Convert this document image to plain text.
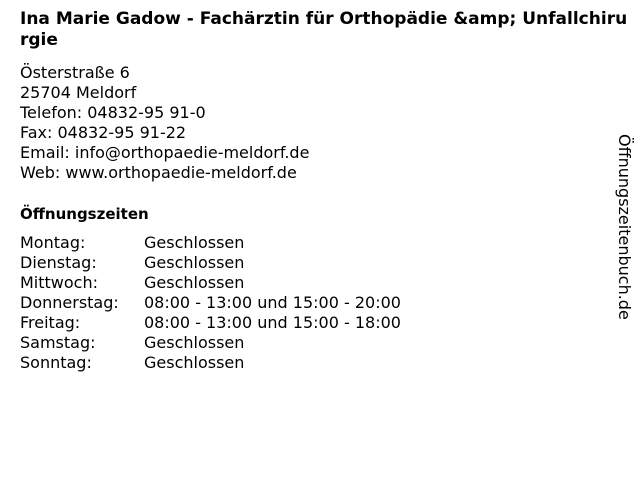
Ina Marie Gadow - Fachärztin für Orthopädie &amp; Unfallchirurgie
Österstraße 6
25704 Meldorf
Telefon: 04832-95 91-0
Fax: 04832-95 91-22
Email: info@orthopaedie-meldorf.de
Web: www.orthopaedie-meldorf.de
Öffnungszeiten
Montag:	Geschlossen
Dienstag:	Geschlossen
Mittwoch:	Geschlossen
Donnerstag:	08:00 - 13:00 und 15:00 - 20:00
Freitag:	08:00 - 13:00 und 15:00 - 18:00
Samstag:	Geschlossen
Sonntag:	Geschlossen
Öffnungszeitenbuch.de
